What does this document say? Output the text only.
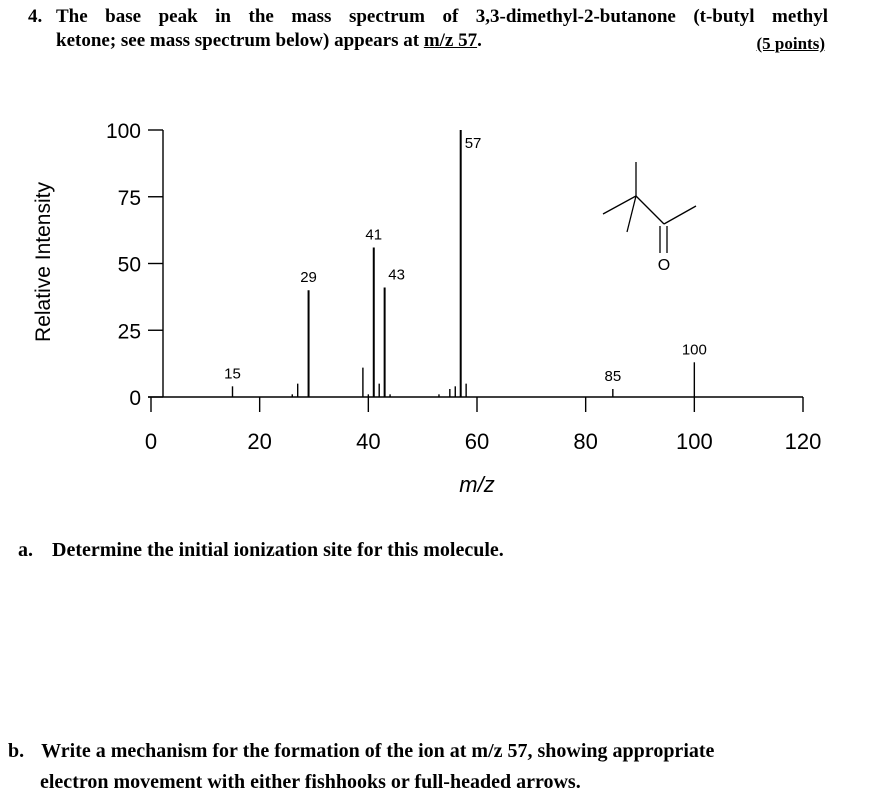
4. The base peak in the mass spectrum of 3,3-dimethyl-2-butanone (t-butyl methyl
ketone; see mass spectrum below) appears at m/z 57.	(5 points)
0
25
50
75
100
0	20	40	60	80	100	120
15
29
41
43
57
85
100
Relative Intensity
m/z
O
a. Determine the initial ionization site for this molecule.
b. Write a mechanism for the formation of the ion at m/z 57, showing appropriate
electron movement with either fishhooks or full-headed arrows.
